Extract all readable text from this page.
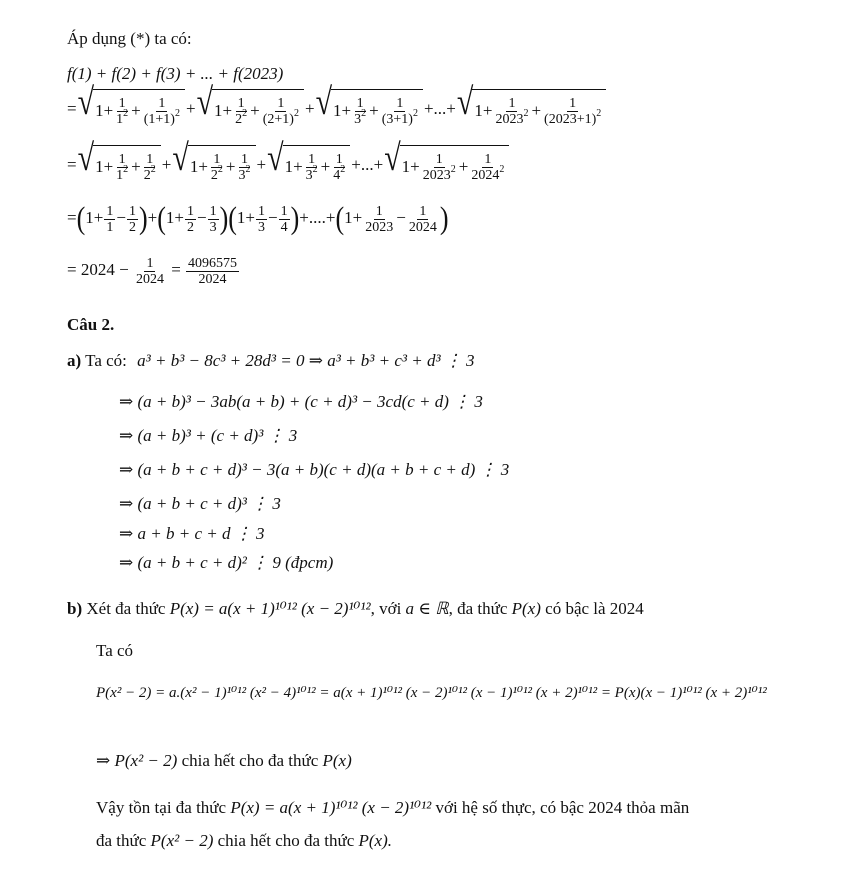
Áp dụng (*) ta có:
f(1) + f(2) + f(3) + ... + f(2023)
= √ $1+ \frac{1}{1^2} + \frac{1}{(1+1)^2}$ + √ $1+ \frac{1}{2^2} + \frac{1}{(2+1)^2}$ + √ $1+ \frac{1}{3^2} + \frac{1}{(3+1)^2}$ +...+ √ $1+ \frac{1}{2023^2} + \frac{1}{(2023+1)^2}$
= √ $1+ \frac{1}{1^2} + \frac{1}{2^2}$ + √ $1+ \frac{1}{2^2} + \frac{1}{3^2}$ + √ $1+ \frac{1}{3^2} + \frac{1}{4^2}$ +...+ √ $1+ \frac{1}{2023^2} + \frac{1}{2024^2}$
$=(1+ \frac{1}{1} - \frac{1}{2} )+(1+ \frac{1}{2} - \frac{1}{3} )(1+ \frac{1}{3} - \frac{1}{4} )+....+(1+ \frac{1}{2023} - \frac{1}{2024}$ )
= $2024 - \frac{1}{2024} = \frac{4096575}{2024}$
Câu 2.
a) Ta có: a³ + b³ − 8c³ + 28d³ = 0 ⇒ a³ + b³ + c³ + d³ ⋮ 3
⇒ (a + b)³ − 3ab(a + b) + (c + d)³ − 3cd(c + d) ⋮ 3
⇒ (a + b)³ + (c + d)³ ⋮ 3
⇒ (a + b + c + d)³ − 3(a + b)(c + d)(a + b + c + d) ⋮ 3
⇒ (a + b + c + d)³ ⋮ 3
⇒ a + b + c + d ⋮ 3
⇒ (a + b + c + d)² ⋮ 9 (đpcm)
b) Xét đa thức P(x) = a(x + 1)¹⁰¹² (x − 2)¹⁰¹², với a ∈ ℝ, đa thức P(x) có bậc là 2024
Ta có
P(x² − 2) = a.(x² − 1)¹⁰¹² (x² − 4)¹⁰¹² = a(x + 1)¹⁰¹² (x − 2)¹⁰¹² (x − 1)¹⁰¹² (x + 2)¹⁰¹² = P(x)(x − 1)¹⁰¹² (x + 2)¹⁰¹²
⇒ P(x² − 2) chia hết cho đa thức P(x)
Vậy tồn tại đa thức P(x) = a(x + 1)¹⁰¹² (x − 2)¹⁰¹² với hệ số thực, có bậc 2024 thỏa mãn
đa thức P(x² − 2) chia hết cho đa thức P(x).
